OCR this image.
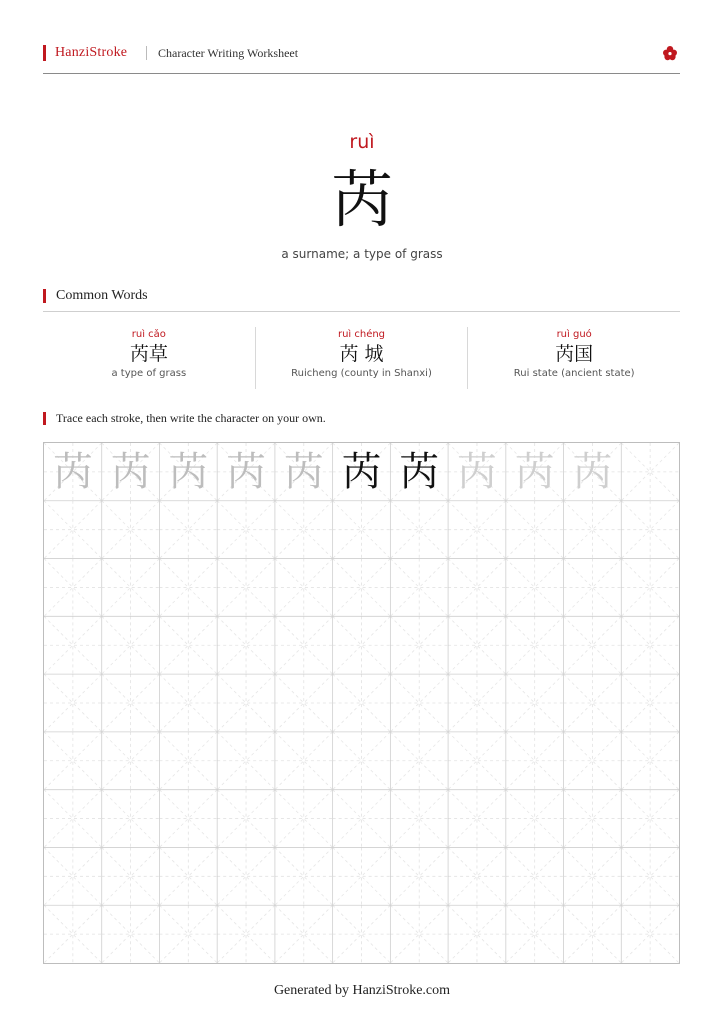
HanziStroke	Character Writing Worksheet
ruì
芮
a surname; a type of grass
Common Words
ruì cǎo
芮草
a type of grass
ruì chéng
芮 城
Ruicheng (county in Shanxi)
ruì guó
芮国
Rui state (ancient state)
Trace each stroke, then write the character on your own.
芮 芮 芮 芮 芮 芮 芮 芮 芮 芮
Generated by HanziStroke.com
